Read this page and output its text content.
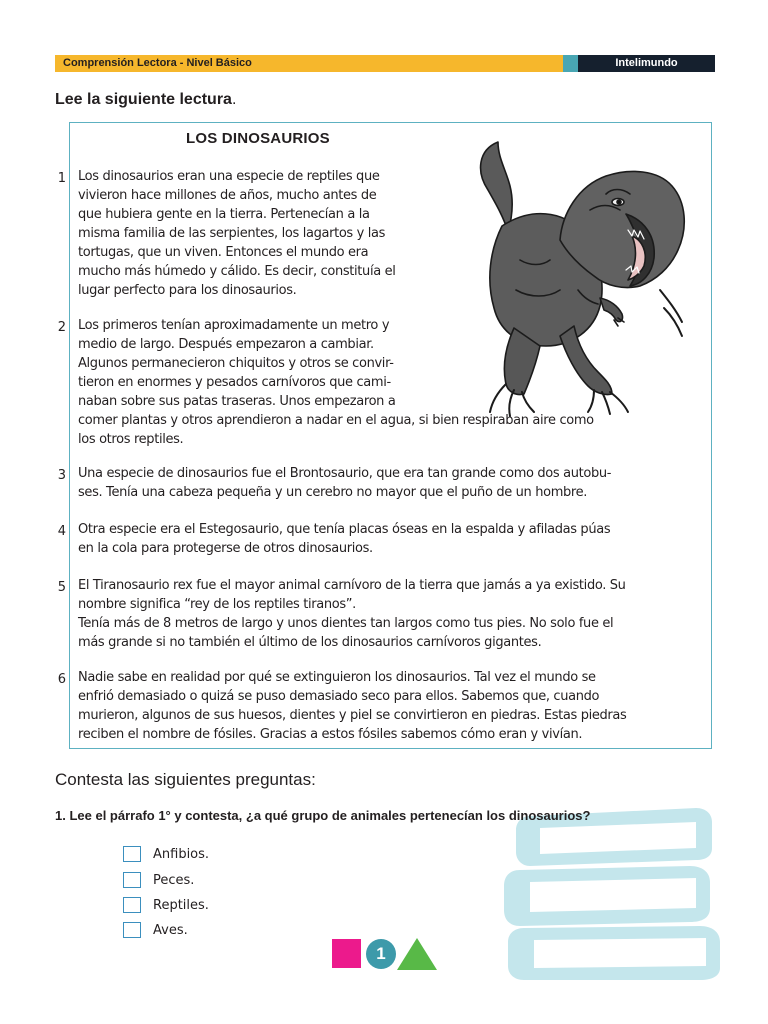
Comprensión Lectora - Nivel Básico	Intelimundo
Lee la siguiente lectura.
LOS DINOSAURIOS
1 Los dinosaurios eran una especie de reptiles que
vivieron hace millones de años, mucho antes de
que hubiera gente en la tierra. Pertenecían a la
misma familia de las serpientes, los lagartos y las
tortugas, que un viven. Entonces el mundo era
mucho más húmedo y cálido. Es decir, constituía el
lugar perfecto para los dinosaurios.
2 Los primeros tenían aproximadamente un metro y
medio de largo. Después empezaron a cambiar.
Algunos permanecieron chiquitos y otros se convir-
tieron en enormes y pesados carnívoros que cami-
naban sobre sus patas traseras. Unos empezaron a
comer plantas y otros aprendieron a nadar en el agua, si bien respiraban aire como
los otros reptiles.
3 Una especie de dinosaurios fue el Brontosaurio, que era tan grande como dos autobu-
ses. Tenía una cabeza pequeña y un cerebro no mayor que el puño de un hombre.
4 Otra especie era el Estegosaurio, que tenía placas óseas en la espalda y afiladas púas
en la cola para protegerse de otros dinosaurios.
5 El Tiranosaurio rex fue el mayor animal carnívoro de la tierra que jamás a ya existido. Su
nombre significa “rey de los reptiles tiranos”.
Tenía más de 8 metros de largo y unos dientes tan largos como tus pies. No solo fue el
más grande si no también el último de los dinosaurios carnívoros gigantes.
6 Nadie sabe en realidad por qué se extinguieron los dinosaurios. Tal vez el mundo se
enfrió demasiado o quizá se puso demasiado seco para ellos. Sabemos que, cuando
murieron, algunos de sus huesos, dientes y piel se convirtieron en piedras. Estas piedras
reciben el nombre de fósiles. Gracias a estos fósiles sabemos cómo eran y vivían.
Contesta las siguientes preguntas:
1. Lee el párrafo 1° y contesta, ¿a qué grupo de animales pertenecían los dinosaurios?
Anfibios.
Peces.
Reptiles.
Aves.
1
